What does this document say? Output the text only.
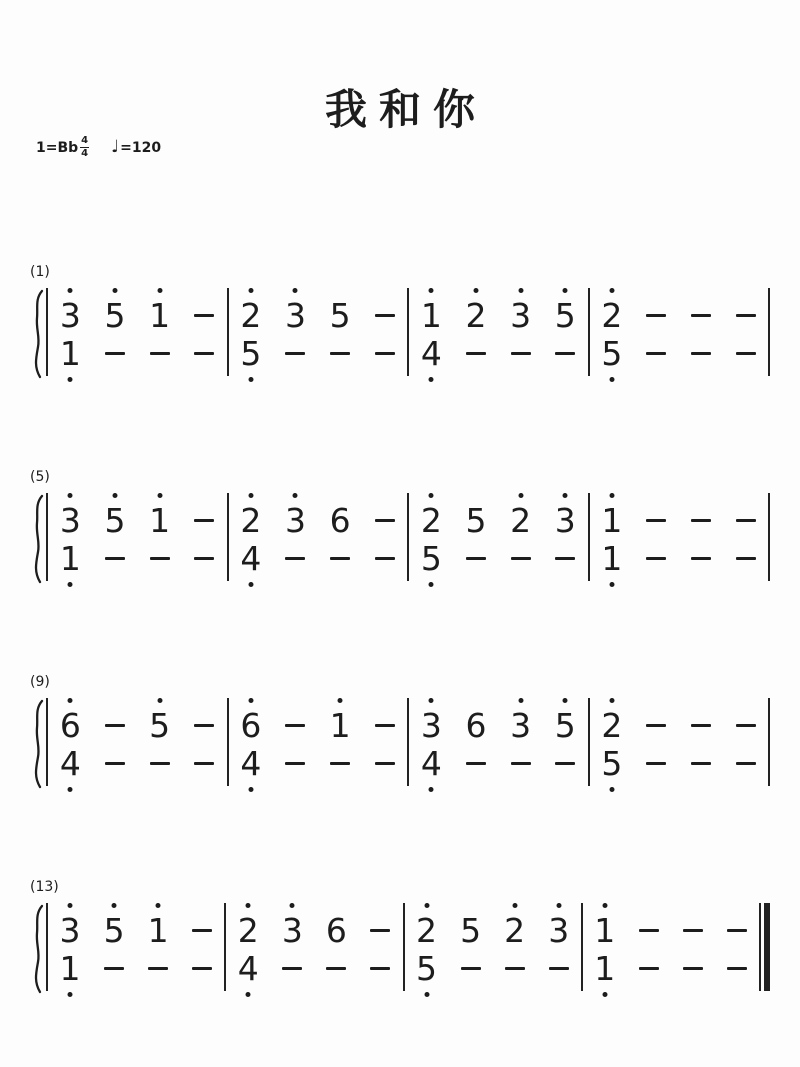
我和你
$1=Bb \frac{4}{4}$ ♩ =120
(1)
3 5 1
1
2 3 5
5
1 2 3 5
4
2
5
(5)
3 5 1
1
2 3 6
4
2 5 2 3
5
1
1
(9)
6 5
4
6 1
4
3 6 3 5
4
2
5
(13)
3 5 1
1
2 3 6
4
2 5 2 3
5
1
1
